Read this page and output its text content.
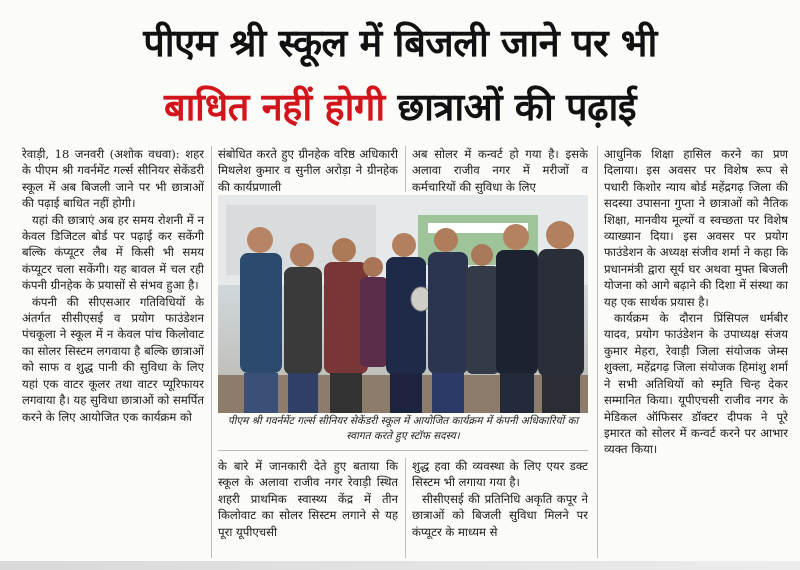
पीएम श्री स्कूल में बिजली जाने पर भी
बाधित नहीं होगी छात्राओं की पढ़ाई

रेवाड़ी, 18 जनवरी (अशोक वधवा): शहर के पीएम श्री गवर्नमेंट गर्ल्स सीनियर सेकेंडरी स्कूल में अब बिजली जाने पर भी छात्राओं की पढ़ाई बाधित नहीं होगी।

यहां की छात्राएं अब हर समय रोशनी में न केवल डिजिटल बोर्ड पर पढ़ाई कर सकेंगी बल्कि कंप्यूटर लैब में किसी भी समय कंप्यूटर चला सकेंगी। यह बावल में चल रही कंपनी ग्रीनहेक के प्रयासों से संभव हुआ है।

कंपनी की सीएसआर गतिविधियों के अंतर्गत सीसीएसई व प्रयोग फाउंडेशन पंचकूला ने स्कूल में न केवल पांच किलोवाट का सोलर सिस्टम लगवाया है बल्कि छात्राओं को साफ व शुद्ध पानी की सुविधा के लिए यहां एक वाटर कूलर तथा वाटर प्यूरिफायर लगवाया है। यह सुविधा छात्राओं को समर्पित करने के लिए आयोजित एक कार्यक्रम को

संबोधित करते हुए ग्रीनहेक वरिष्ठ अधिकारी मिथलेश कुमार व सुनील अरोड़ा ने ग्रीनहेक की कार्यप्रणाली

अब सोलर में कन्वर्ट हो गया है। इसके अलावा राजीव नगर में मरीजों व कर्मचारियों की सुविधा के लिए

पीएम श्री गवर्नमेंट गर्ल्स सीनियर सेकेंडरी स्कूल में आयोजित कार्यक्रम में कंपनी अधिकारियों का स्वागत करते हुए स्टॉफ सदस्य।

के बारे में जानकारी देते हुए बताया कि स्कूल के अलावा राजीव नगर रेवाड़ी स्थित शहरी प्राथमिक स्वास्थ्य केंद्र में तीन किलोवाट का सोलर सिस्टम लगाने से यह पूरा यूपीएचसी

शुद्ध हवा की व्यवस्था के लिए एयर डक्ट सिस्टम भी लगाया गया है।

सीसीएसई की प्रतिनिधि अकृति कपूर ने छात्राओं को बिजली सुविधा मिलने पर कंप्यूटर के माध्यम से

आधुनिक शिक्षा हासिल करने का प्रण दिलाया। इस अवसर पर विशेष रूप से पधारी किशोर न्याय बोर्ड महेंद्रगढ़ जिला की सदस्या उपासना गुप्ता ने छात्राओं को नैतिक शिक्षा, मानवीय मूल्यों व स्वच्छता पर विशेष व्याख्यान दिया। इस अवसर पर प्रयोग फाउंडेशन के अध्यक्ष संजीव शर्मा ने कहा कि प्रधानमंत्री द्वारा सूर्य घर अथवा मुफ्त बिजली योजना को आगे बढ़ाने की दिशा में संस्था का यह एक सार्थक प्रयास है।

कार्यक्रम के दौरान प्रिंसिपल धर्मबीर यादव, प्रयोग फाउंडेशन के उपाध्यक्ष संजय कुमार मेहरा, रेवाड़ी जिला संयोजक जेम्स शुक्ला, महेंद्रगढ़ जिला संयोजक हिमांशु शर्मा ने सभी अतिथियों को स्मृति चिन्ह देकर सम्मानित किया। यूपीएचसी राजीव नगर के मेडिकल ऑफिसर डॉक्टर दीपक ने पूरे इमारत को सोलर में कन्वर्ट करने पर आभार व्यक्त किया।
